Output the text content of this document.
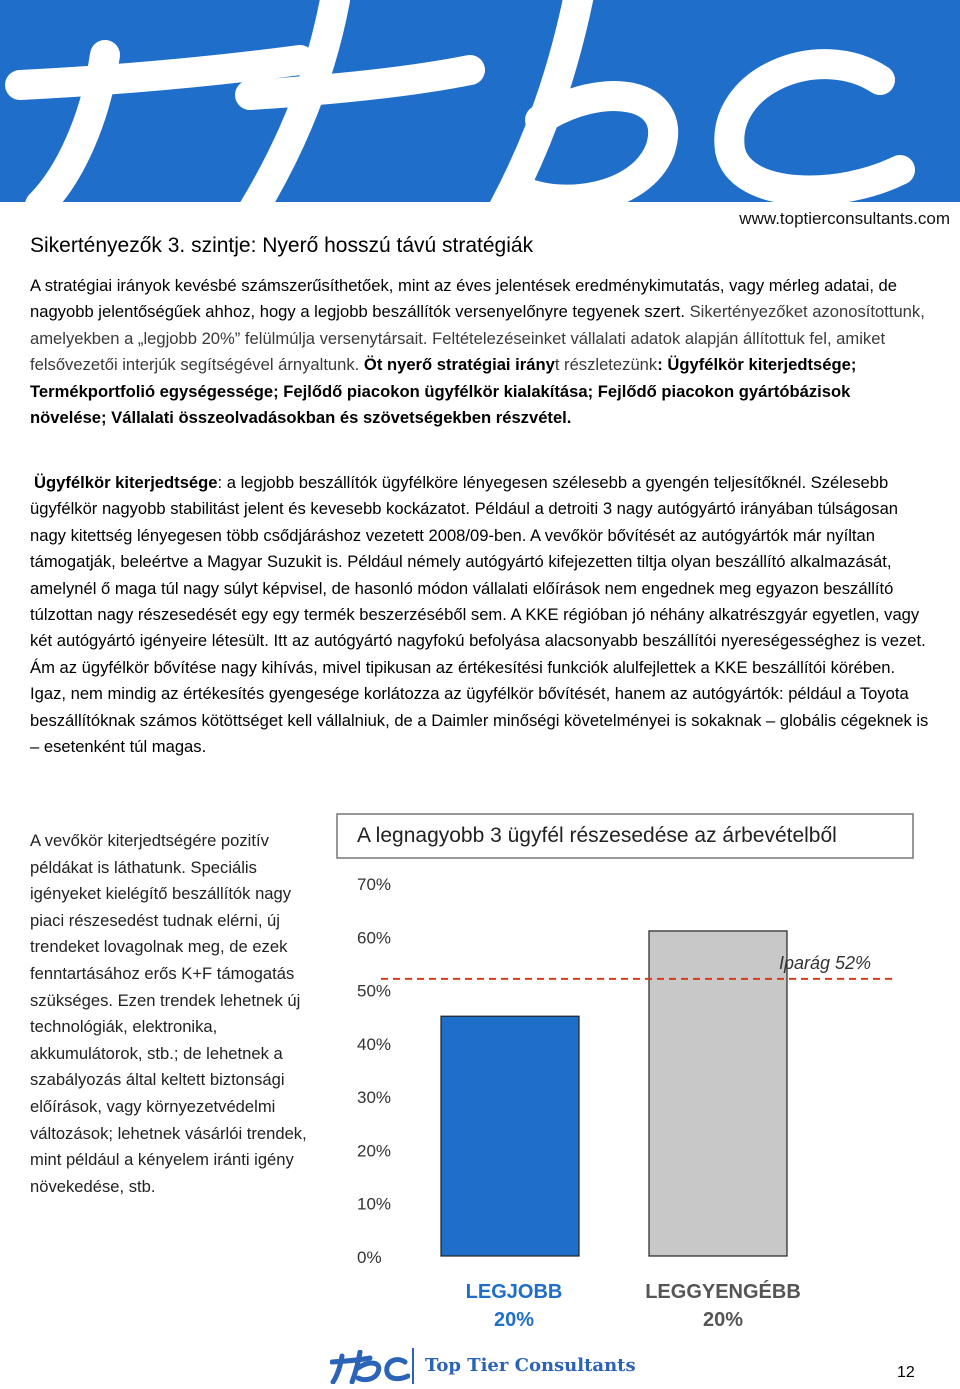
www.toptierconsultants.com
Sikertényezők 3. szintje: Nyerő hosszú távú stratégiák
A stratégiai irányok kevésbé számszerűsíthetőek, mint az éves jelentések eredménykimutatás, vagy mérleg adatai, de nagyobb jelentőségűek ahhoz, hogy a legjobb beszállítók versenyelőnyre tegyenek szert. Sikertényezőket azonosítottunk, amelyekben a „legjobb 20%” felülmúlja versenytársait. Feltételezéseinket vállalati adatok alapján állítottuk fel, amiket felsővezetői interjúk segítségével árnyaltunk. Öt nyerő stratégiai irányt részletezünk: Ügyfélkör kiterjedtsége; Termékportfolió egységessége; Fejlődő piacokon ügyfélkör kialakítása; Fejlődő piacokon gyártóbázisok növelése; Vállalati összeolvadásokban és szövetségekben részvétel.
Ügyfélkör kiterjedtsége: a legjobb beszállítók ügyfélköre lényegesen szélesebb a gyengén teljesítőknél. Szélesebb ügyfélkör nagyobb stabilitást jelent és kevesebb kockázatot. Például a detroiti 3 nagy autógyártó irányában túlságosan nagy kitettség lényegesen több csődjáráshoz vezetett 2008/09-ben. A vevőkör bővítését az autógyártók már nyíltan támogatják, beleértve a Magyar Suzukit is. Például némely autógyártó kifejezetten tiltja olyan beszállító alkalmazását, amelynél ő maga túl nagy súlyt képvisel, de hasonló módon vállalati előírások nem engednek meg egyazon beszállító túlzottan nagy részesedését egy egy termék beszerzéséből sem. A KKE régióban jó néhány alkatrészgyár egyetlen, vagy két autógyártó igényeire létesült. Itt az autógyártó nagyfokú befolyása alacsonyabb beszállítói nyereségességhez is vezet. Ám az ügyfélkör bővítése nagy kihívás, mivel tipikusan az értékesítési funkciók alulfejlettek a KKE beszállítói körében. Igaz, nem mindig az értékesítés gyengesége korlátozza az ügyfélkör bővítését, hanem az autógyártók: például a Toyota beszállítóknak számos kötöttséget kell vállalniuk, de a Daimler minőségi követelményei is sokaknak – globális cégeknek is – esetenként túl magas.
A vevőkör kiterjedtségére pozitív példákat is láthatunk. Speciális igényeket kielégítő beszállítók nagy piaci részesedést tudnak elérni, új trendeket lovagolnak meg, de ezek fenntartásához erős K+F támogatás szükséges. Ezen trendek lehetnek új technológiák, elektronika, akkumulátorok, stb.; de lehetnek a szabályozás által keltett biztonsági előírások, vagy környezetvédelmi változások; lehetnek vásárlói trendek, mint például a kényelem iránti igény növekedése, stb.
A legnagyobb 3 ügyfél részesedése az árbevételből
0%
10%
20%
30%
40%
50%
60%
70%
Iparág 52%
LEGJOBB
20%
LEGGYENGÉBB
20%
Top Tier Consultants	12
